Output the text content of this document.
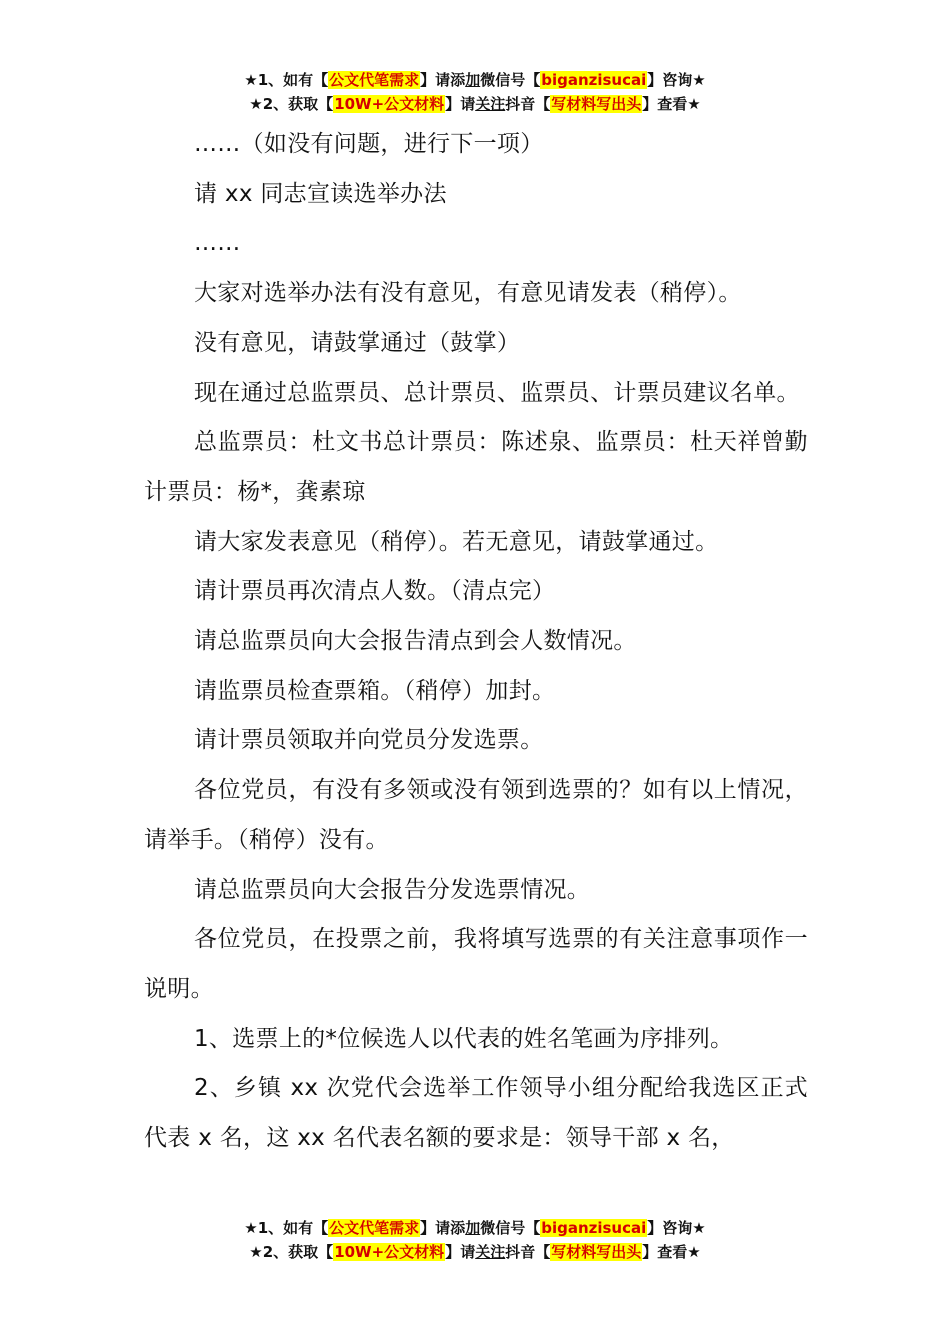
★1、如有【公文代笔需求】请添加微信号【biganzisucai】咨询★
★2、获取【10W+公文材料】请关注抖音【写材料写出头】查看★

……（如没有问题，进行下一项）

请 xx 同志宣读选举办法

……

大家对选举办法有没有意见，有意见请发表（稍停）。

没有意见，请鼓掌通过（鼓掌）

现在通过总监票员、总计票员、监票员、计票员建议名单。

总监票员：杜文书总计票员：陈述泉、监票员：杜天祥曾勤计票员：杨*，龚素琼

请大家发表意见（稍停）。若无意见，请鼓掌通过。

请计票员再次清点人数。（清点完）

请总监票员向大会报告清点到会人数情况。

请监票员检查票箱。（稍停）加封。

请计票员领取并向党员分发选票。

各位党员，有没有多领或没有领到选票的？如有以上情况，请举手。（稍停）没有。

请总监票员向大会报告分发选票情况。

各位党员，在投票之前，我将填写选票的有关注意事项作一说明。

1、选票上的*位候选人以代表的姓名笔画为序排列。

2、乡镇 xx 次党代会选举工作领导小组分配给我选区正式代表 x 名，这 xx 名代表名额的要求是：领导干部 x 名，

★1、如有【公文代笔需求】请添加微信号【biganzisucai】咨询★
★2、获取【10W+公文材料】请关注抖音【写材料写出头】查看★
